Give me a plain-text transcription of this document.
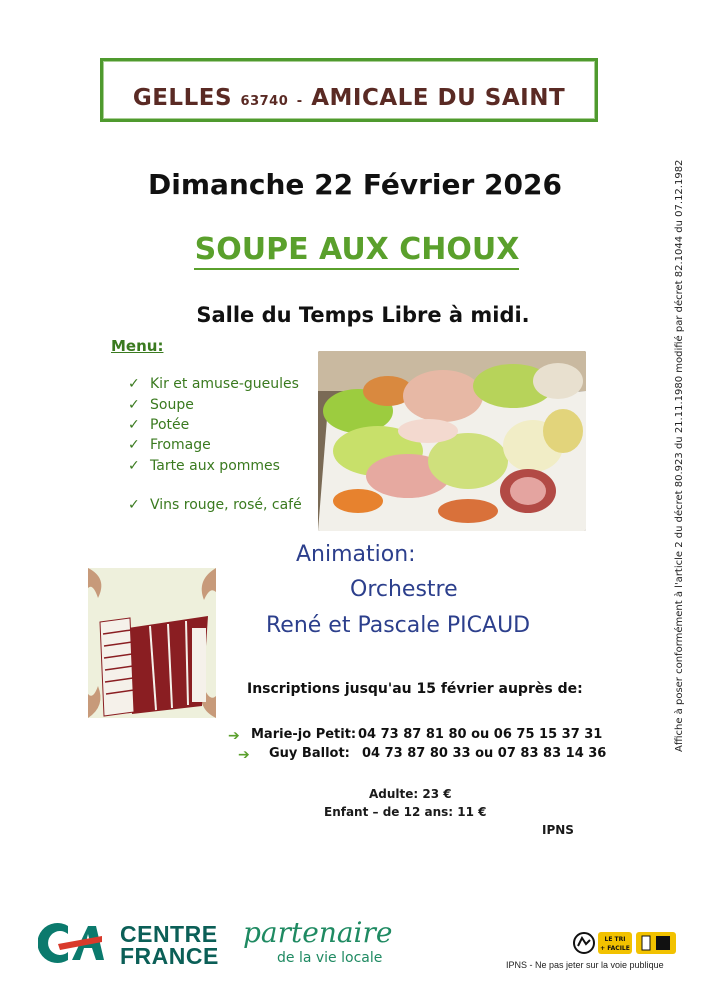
GELLES 63740 - AMICALE DU SAINT
Dimanche 22 Février 2026
SOUPE AUX CHOUX
Salle du Temps Libre à midi.
Menu:
✓ Kir et amuse-gueules
✓ Soupe
✓ Potée
✓ Fromage
✓ Tarte aux pommes
✓ Vins rouge, rosé, café
Animation:
Orchestre
René et Pascale PICAUD
Inscriptions jusqu'au 15 février auprès de:
➔ Marie-jo Petit: 04 73 87 81 80 ou 06 75 15 37 31
➔ Guy Ballot: 04 73 87 80 33 ou 07 83 83 14 36
Adulte: 23 €
Enfant – de 12 ans: 11 €
IPNS
Affiche à poser conformément à l'article 2 du décret 80.923 du 21.11.1980 modifié par décret 82.1044 du 07.12.1982
CENTRE
FRANCE
partenaire
de la vie locale
LE TRI
+ FACILE
IPNS - Ne pas jeter sur la voie publique
